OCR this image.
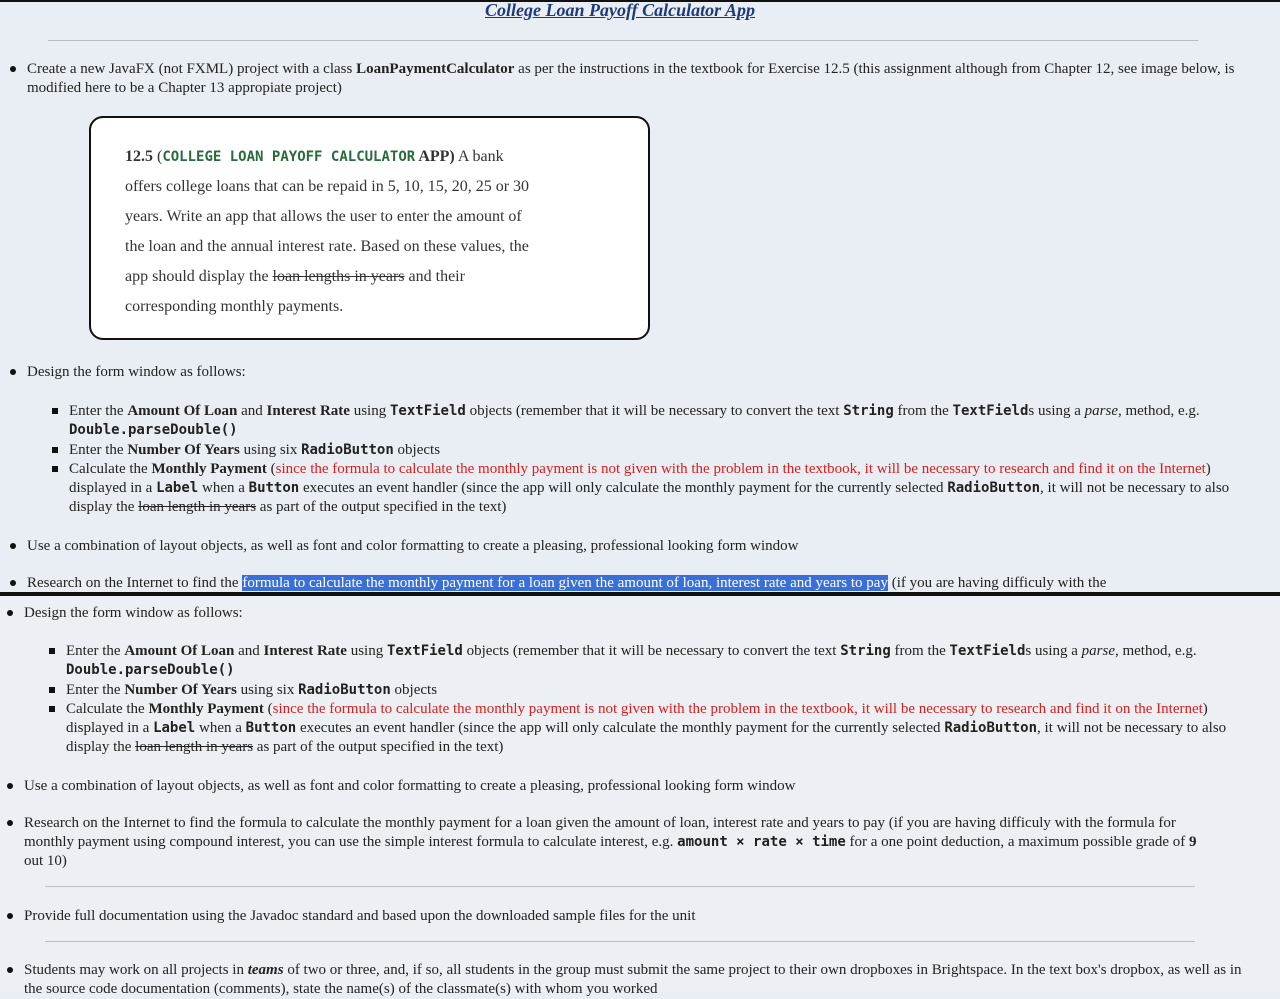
College Loan Payoff Calculator App
Create a new JavaFX (not FXML) project with a class LoanPaymentCalculator as per the instructions in the textbook for Exercise 12.5 (this assignment although from Chapter 12, see image below, is modified here to be a Chapter 13 appropiate project)
12.5 (COLLEGE LOAN PAYOFF CALCULATOR APP) A bank
offers college loans that can be repaid in 5, 10, 15, 20, 25 or 30
years. Write an app that allows the user to enter the amount of
the loan and the annual interest rate. Based on these values, the
app should display the loan lengths in years and their
corresponding monthly payments.
Design the form window as follows:
Enter the Amount Of Loan and Interest Rate using TextField objects (remember that it will be necessary to convert the text String from the TextFields using a parse, method, e.g. Double.parseDouble()
Enter the Number Of Years using six RadioButton objects
Calculate the Monthly Payment (since the formula to calculate the monthly payment is not given with the problem in the textbook, it will be necessary to research and find it on the Internet) displayed in a Label when a Button executes an event handler (since the app will only calculate the monthly payment for the currently selected RadioButton, it will not be necessary to also display the loan length in years as part of the output specified in the text)
Use a combination of layout objects, as well as font and color formatting to create a pleasing, professional looking form window
Research on the Internet to find the formula to calculate the monthly payment for a loan given the amount of loan, interest rate and years to pay (if you are having difficuly with the
Design the form window as follows:
Enter the Amount Of Loan and Interest Rate using TextField objects (remember that it will be necessary to convert the text String from the TextFields using a parse, method, e.g. Double.parseDouble()
Enter the Number Of Years using six RadioButton objects
Calculate the Monthly Payment (since the formula to calculate the monthly payment is not given with the problem in the textbook, it will be necessary to research and find it on the Internet) displayed in a Label when a Button executes an event handler (since the app will only calculate the monthly payment for the currently selected RadioButton, it will not be necessary to also display the loan length in years as part of the output specified in the text)
Use a combination of layout objects, as well as font and color formatting to create a pleasing, professional looking form window
Research on the Internet to find the formula to calculate the monthly payment for a loan given the amount of loan, interest rate and years to pay (if you are having difficuly with the formula for monthly payment using compound interest, you can use the simple interest formula to calculate interest, e.g. amount × rate × time for a one point deduction, a maximum possible grade of 9 out 10)
Provide full documentation using the Javadoc standard and based upon the downloaded sample files for the unit
Students may work on all projects in teams of two or three, and, if so, all students in the group must submit the same project to their own dropboxes in Brightspace. In the text box's dropbox, as well as in the source code documentation (comments), state the name(s) of the classmate(s) with whom you worked
